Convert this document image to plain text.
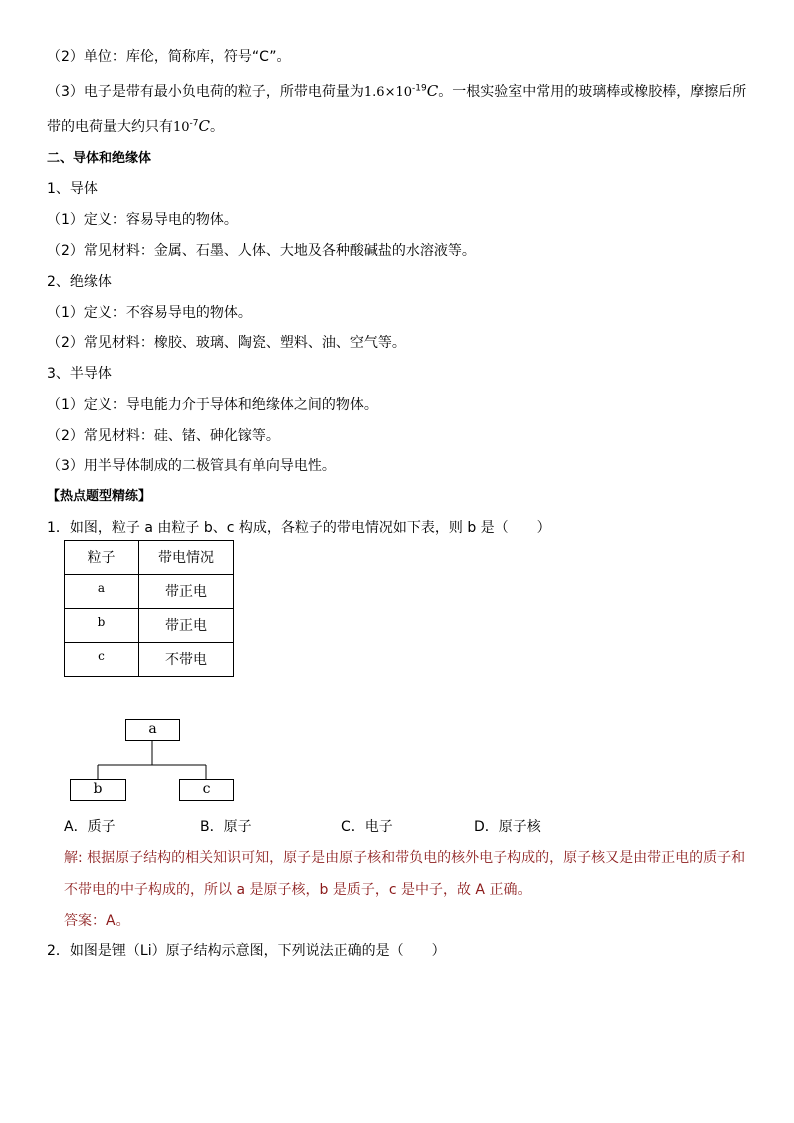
（2）单位：库伦，简称库，符号“C”。
（3）电子是带有最小负电荷的粒子，所带电荷量为$1.6\times 10^{-19}C$。一根实验室中常用的玻璃棒或橡胶棒，摩擦后所
带的电荷量大约只有$10^{-7}C$。
二、导体和绝缘体
1、导体
（1）定义：容易导电的物体。
（2）常见材料：金属、石墨、人体、大地及各种酸碱盐的水溶液等。
2、绝缘体
（1）定义：不容易导电的物体。
（2）常见材料：橡胶、玻璃、陶瓷、塑料、油、空气等。
3、半导体
（1）定义：导电能力介于导体和绝缘体之间的物体。
（2）常见材料：硅、锗、砷化镓等。
（3）用半导体制成的二极管具有单向导电性。
【热点题型精练】
1．如图，粒子 a 由粒子 b、c 构成，各粒子的带电情况如下表，则 b 是（　　）
粒子	带电情况
a	带正电
b	带正电
c	不带电
a
b	c
A．质子	B．原子	C．电子	D．原子核
解: 根据原子结构的相关知识可知，原子是由原子核和带负电的核外电子构成的，原子核又是由带正电的质子和
不带电的中子构成的，所以 a 是原子核，b 是质子，c 是中子，故 A 正确。
答案：A。
2．如图是锂（Li）原子结构示意图，下列说法正确的是（　　）
